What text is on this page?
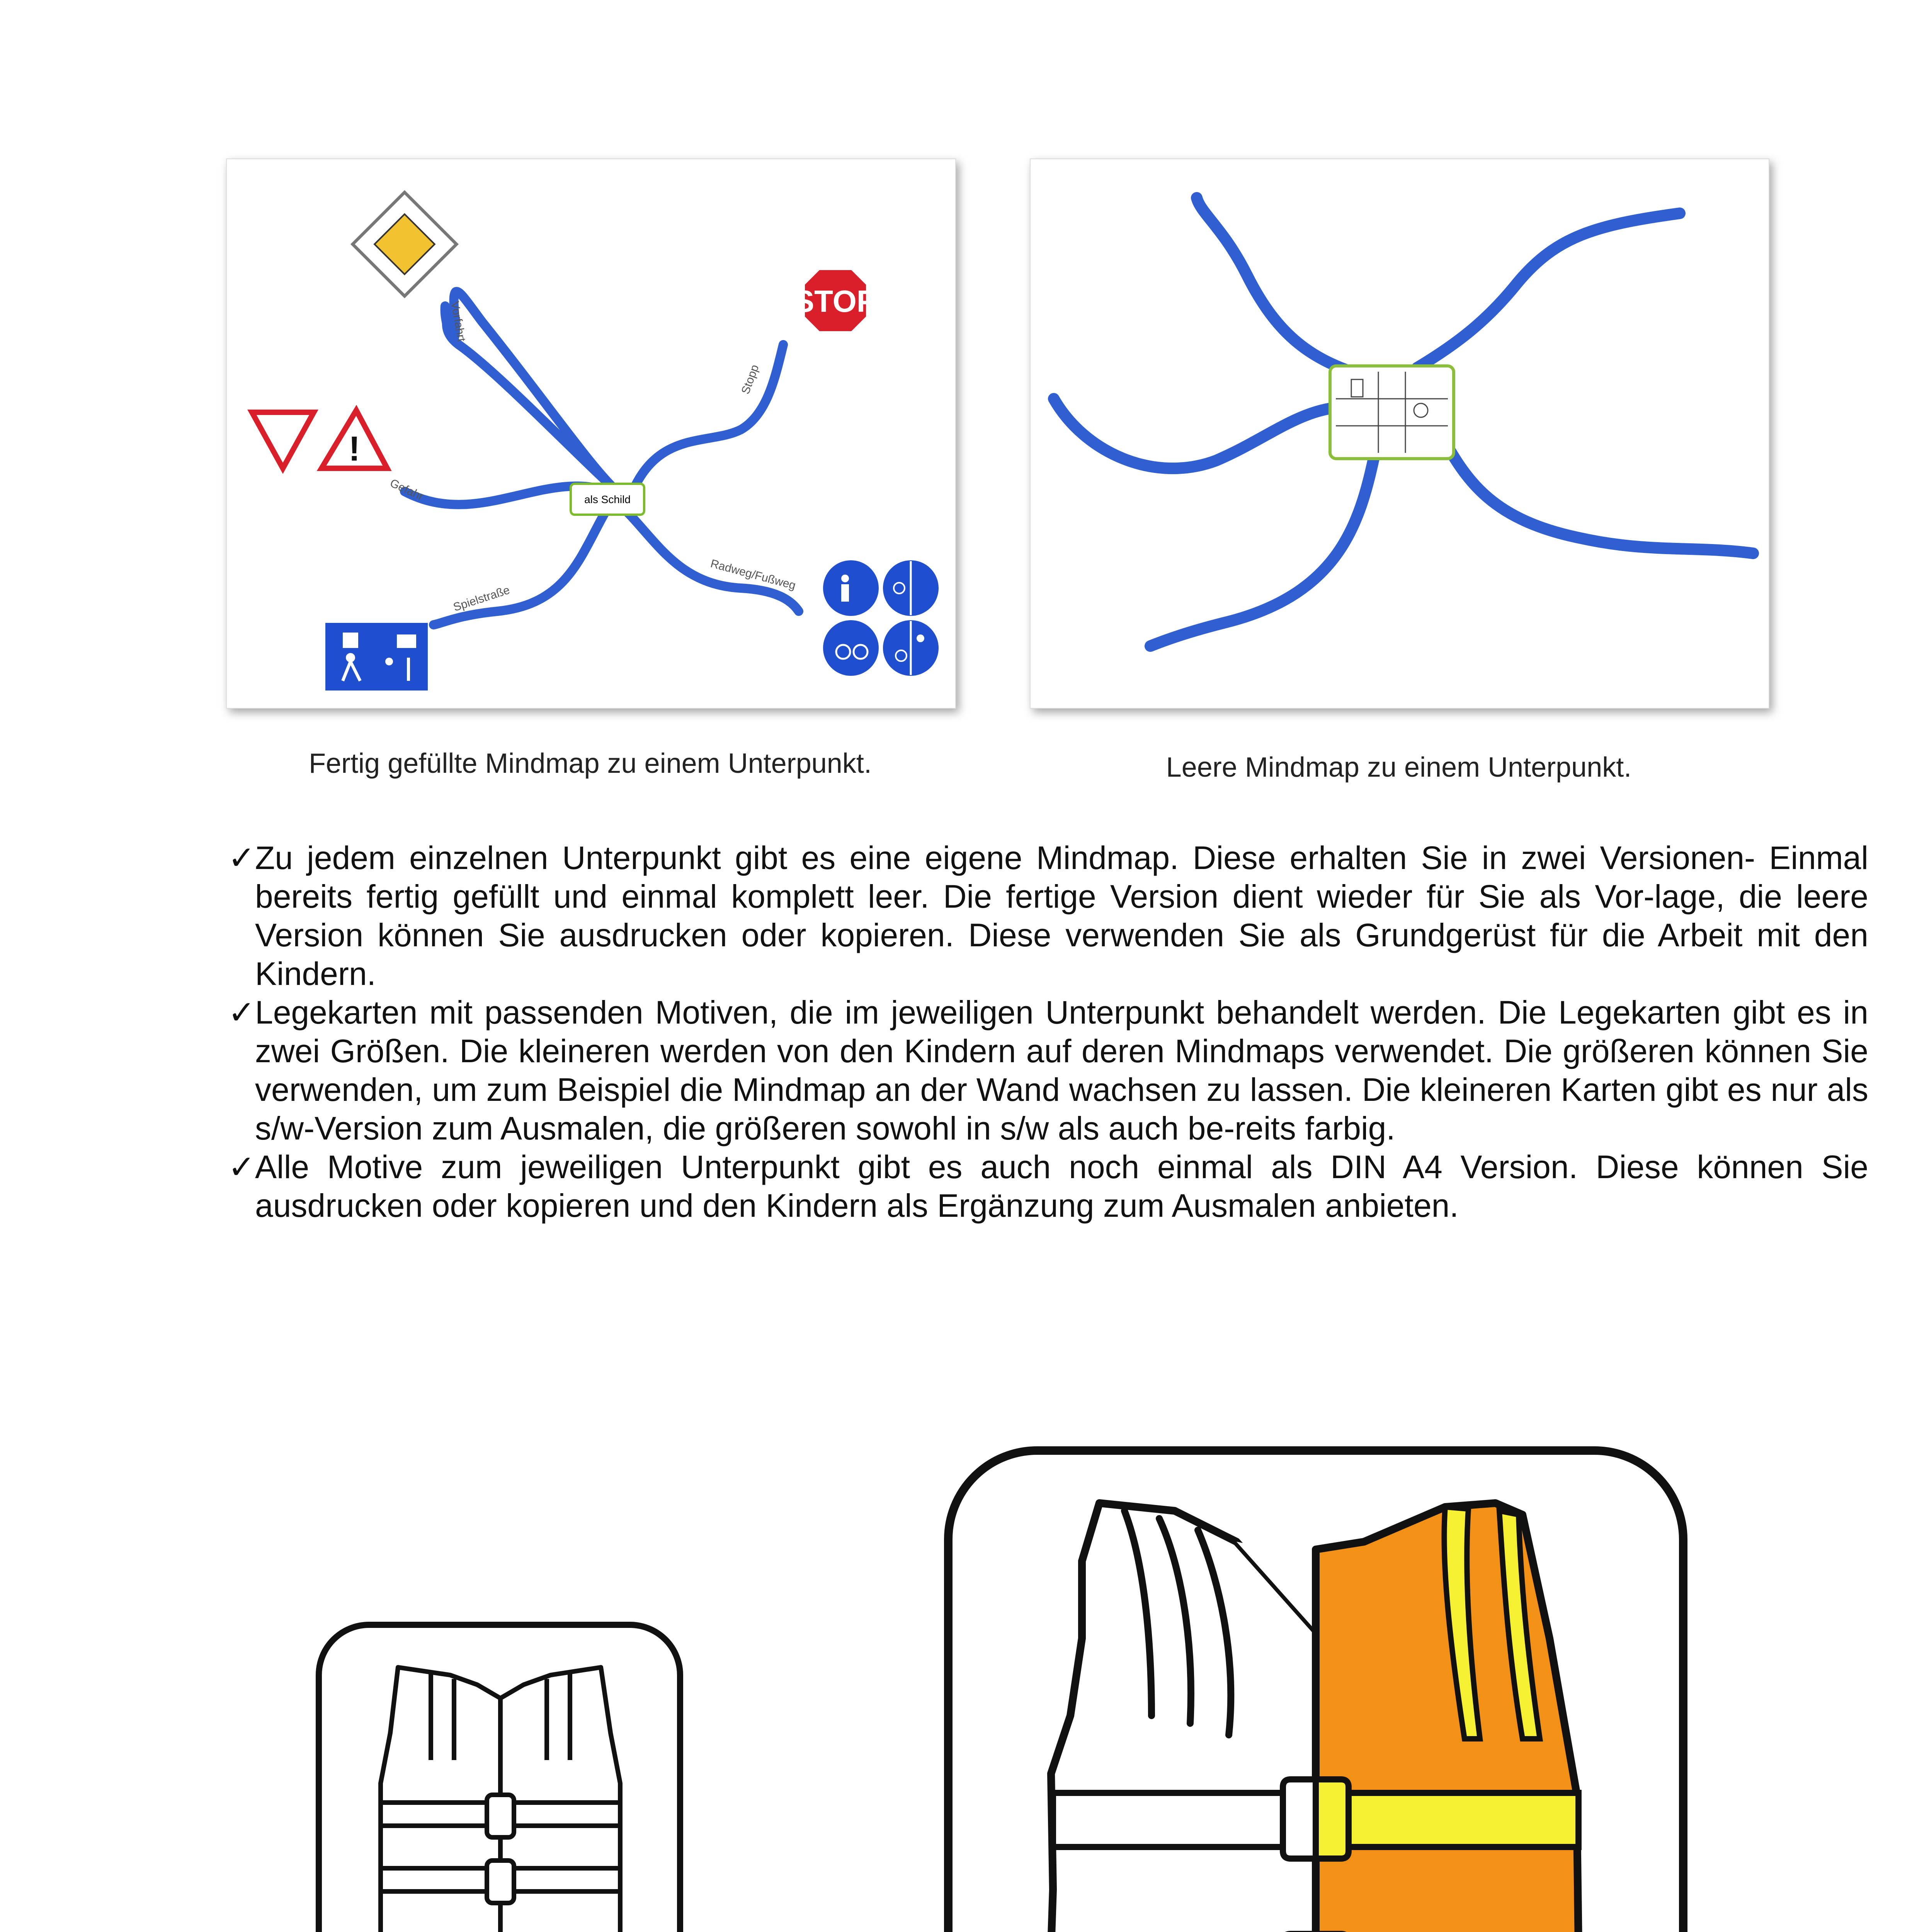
als Schild
Vorfahrt
Stopp
Gefahr
Radweg/Fußweg
Spielstraße
STOP
!
Fertig gefüllte Mindmap zu einem Unterpunkt.	Leere Mindmap zu einem Unterpunkt.
✓ Zu jedem einzelnen Unterpunkt gibt es eine eigene Mindmap. Diese erhalten Sie in zwei Versionen- Einmal bereits fertig gefüllt und einmal komplett leer. Die fertige Version dient wieder für Sie als Vor-lage, die leere Version können Sie ausdrucken oder kopieren. Diese verwenden Sie als Grundgerüst für die Arbeit mit den Kindern.
✓ Legekarten mit passenden Motiven, die im jeweiligen Unterpunkt behandelt werden. Die Legekarten gibt es in zwei Größen. Die kleineren werden von den Kindern auf deren Mindmaps verwendet. Die größeren können Sie verwenden, um zum Beispiel die Mindmap an der Wand wachsen zu lassen. Die kleineren Karten gibt es nur als s/w-Version zum Ausmalen, die größeren sowohl in s/w als auch be-reits farbig.
✓ Alle Motive zum jeweiligen Unterpunkt gibt es auch noch einmal als DIN A4 Version. Diese können Sie ausdrucken oder kopieren und den Kindern als Ergänzung zum Ausmalen anbieten.
